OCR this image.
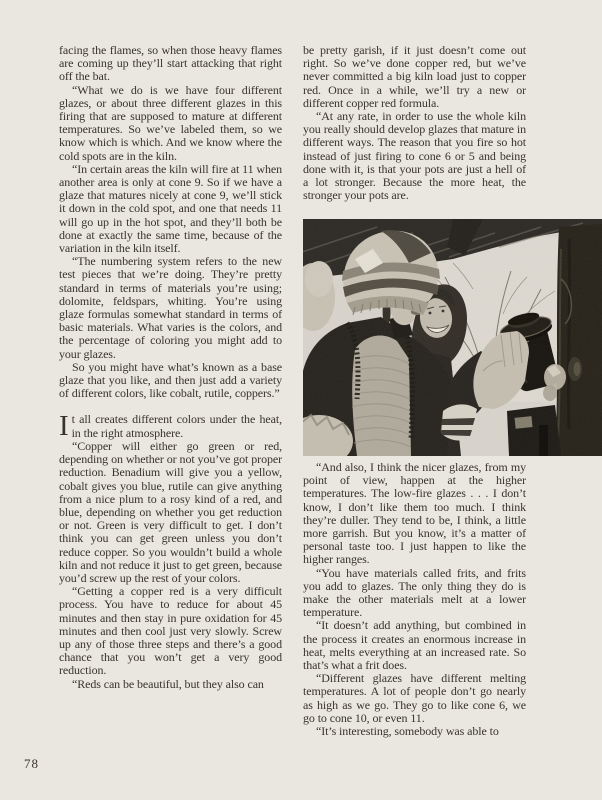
facing the flames, so when those heavy flames are coming up they’ll start attacking that right off the bat.

“What we do is we have four different glazes, or about three different glazes in this firing that are supposed to mature at different temperatures. So we’ve labeled them, so we know which is which. And we know where the cold spots are in the kiln.

“In certain areas the kiln will fire at 11 when another area is only at cone 9. So if we have a glaze that matures nicely at cone 9, we’ll stick it down in the cold spot, and one that needs 11 will go up in the hot spot, and they’ll both be done at exactly the same time, because of the variation in the kiln itself.

“The numbering system refers to the new test pieces that we’re doing. They’re pretty standard in terms of materials you’re using; dolomite, feldspars, whiting. You’re using glaze formulas somewhat standard in terms of basic materials. What varies is the colors, and the percentage of coloring you might add to your glazes.

So you might have what’s known as a base glaze that you like, and then just add a variety of different colors, like cobalt, rutile, coppers.”

It all creates different colors under the heat, in the right atmosphere.

“Copper will either go green or red, depending on whether or not you’ve got proper reduction. Benadium will give you a yellow, cobalt gives you blue, rutile can give anything from a nice plum to a rosy kind of a red, and blue, depending on whether you get reduction or not. Green is very difficult to get. I don’t think you can get green unless you don’t reduce copper. So you wouldn’t build a whole kiln and not reduce it just to get green, because you’d screw up the rest of your colors.

“Getting a copper red is a very difficult process. You have to reduce for about 45 minutes and then stay in pure oxidation for 45 minutes and then cool just very slowly. Screw up any of those three steps and there’s a good chance that you won’t get a very good reduction.

“Reds can be beautiful, but they also can

be pretty garish, if it just doesn’t come out right. So we’ve done copper red, but we’ve never committed a big kiln load just to copper red. Once in a while, we’ll try a new or different copper red formula.

“At any rate, in order to use the whole kiln you really should develop glazes that mature in different ways. The reason that you fire so hot instead of just firing to cone 6 or 5 and being done with it, is that your pots are just a hell of a lot stronger. Because the more heat, the stronger your pots are.

“And also, I think the nicer glazes, from my point of view, happen at the higher temperatures. The low-fire glazes . . . I don’t know, I don’t like them too much. I think they’re duller. They tend to be, I think, a little more garrish. But you know, it’s a matter of personal taste too. I just happen to like the higher ranges.

“You have materials called frits, and frits you add to glazes. The only thing they do is make the other materials melt at a lower temperature.

“It doesn’t add anything, but combined in the process it creates an enormous increase in heat, melts everything at an increased rate. So that’s what a frit does.

“Different glazes have different melting temperatures. A lot of people don’t go nearly as high as we go. They go to like cone 6, we go to cone 10, or even 11.

“It’s interesting, somebody was able to

78
